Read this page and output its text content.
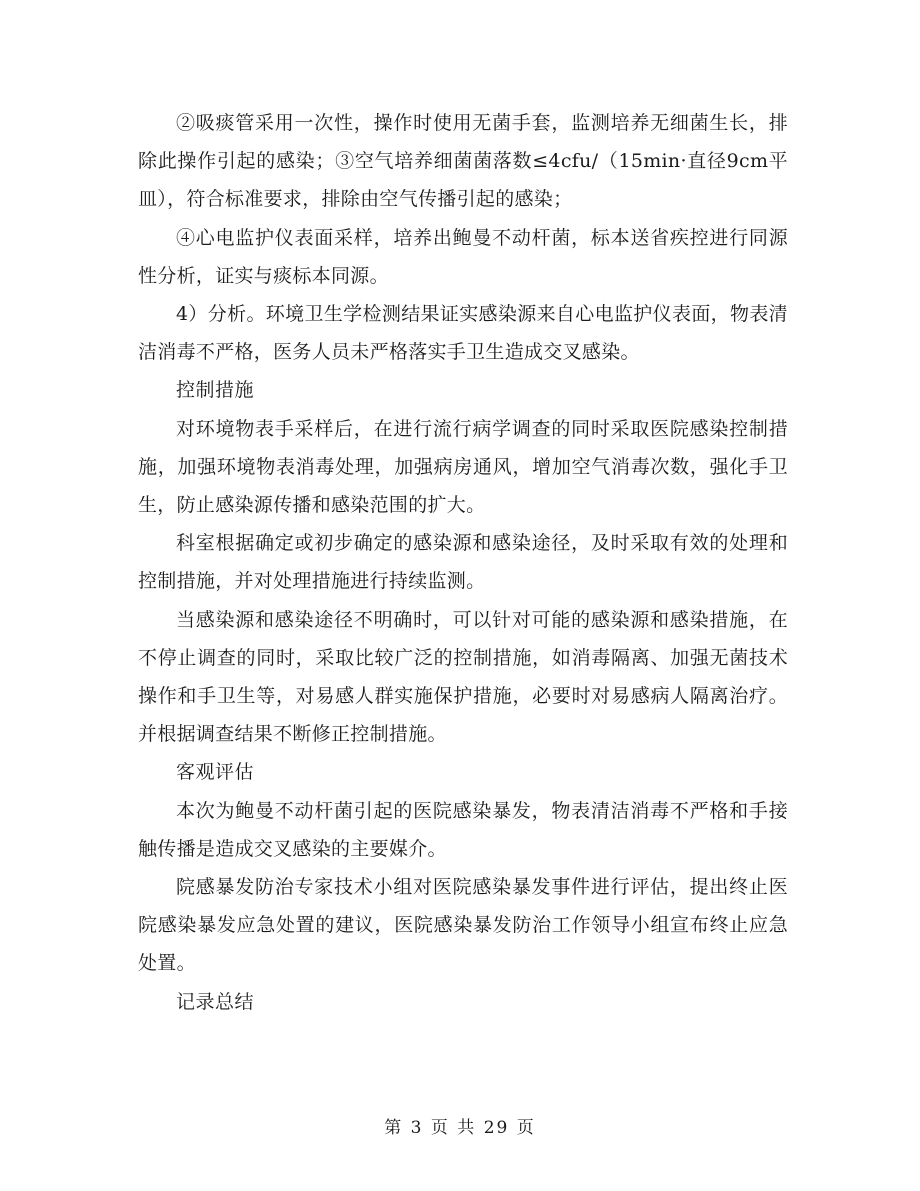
②吸痰管采用一次性，操作时使用无菌手套，监测培养无细菌生长，排除此操作引起的感染；③空气培养细菌菌落数≤4cfu/（15min·直径9cm平皿），符合标准要求，排除由空气传播引起的感染；

④心电监护仪表面采样，培养出鲍曼不动杆菌，标本送省疾控进行同源性分析，证实与痰标本同源。

4）分析。环境卫生学检测结果证实感染源来自心电监护仪表面，物表清洁消毒不严格，医务人员未严格落实手卫生造成交叉感染。

控制措施

对环境物表手采样后，在进行流行病学调查的同时采取医院感染控制措施，加强环境物表消毒处理，加强病房通风，增加空气消毒次数，强化手卫生，防止感染源传播和感染范围的扩大。

科室根据确定或初步确定的感染源和感染途径，及时采取有效的处理和控制措施，并对处理措施进行持续监测。

当感染源和感染途径不明确时，可以针对可能的感染源和感染措施，在不停止调查的同时，采取比较广泛的控制措施，如消毒隔离、加强无菌技术操作和手卫生等，对易感人群实施保护措施，必要时对易感病人隔离治疗。并根据调查结果不断修正控制措施。

客观评估

本次为鲍曼不动杆菌引起的医院感染暴发，物表清洁消毒不严格和手接触传播是造成交叉感染的主要媒介。

院感暴发防治专家技术小组对医院感染暴发事件进行评估，提出终止医院感染暴发应急处置的建议，医院感染暴发防治工作领导小组宣布终止应急处置。

记录总结

第 3 页 共 29 页
